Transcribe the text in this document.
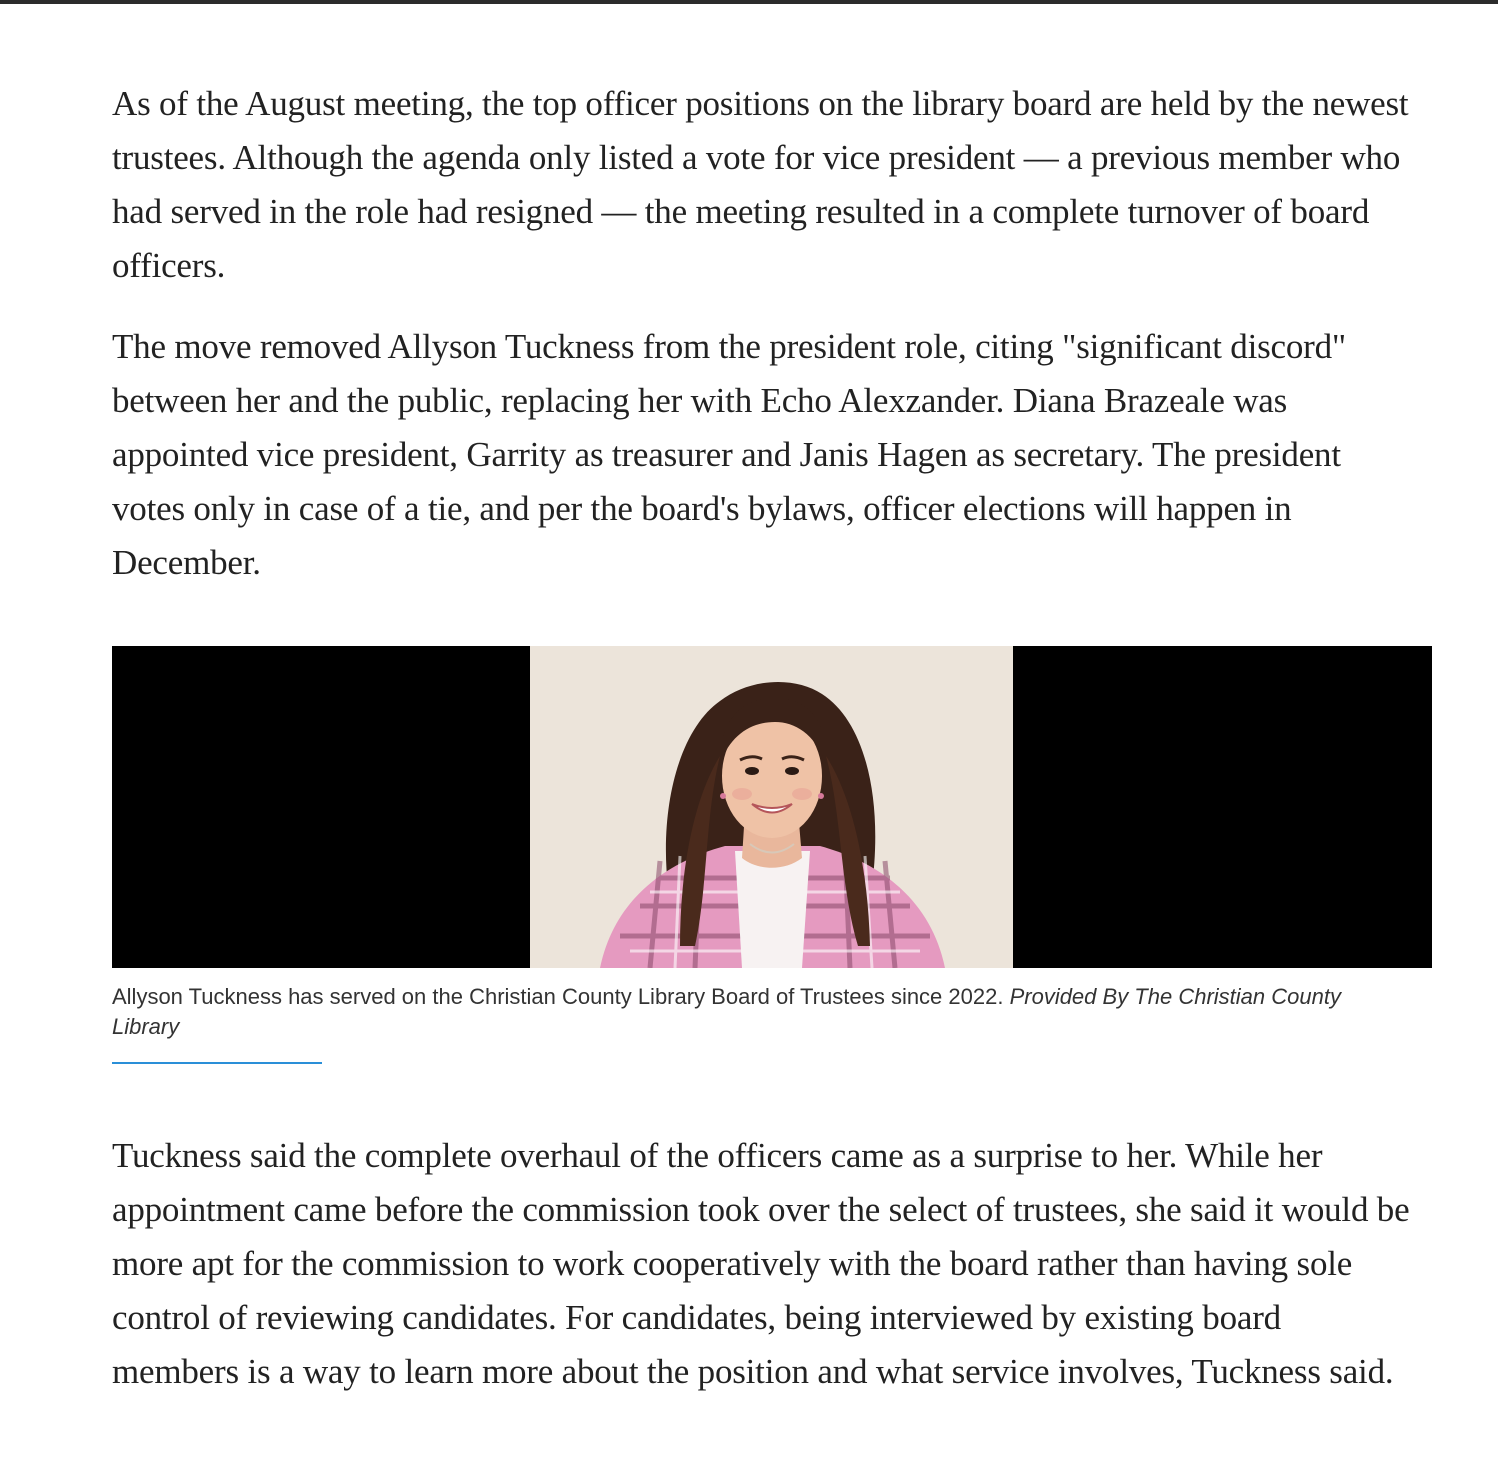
As of the August meeting, the top officer positions on the library board are held by the newest trustees. Although the agenda only listed a vote for vice president — a previous member who had served in the role had resigned — the meeting resulted in a complete turnover of board officers.

The move removed Allyson Tuckness from the president role, citing "significant discord" between her and the public, replacing her with Echo Alexzander. Diana Brazeale was appointed vice president, Garrity as treasurer and Janis Hagen as secretary. The president votes only in case of a tie, and per the board's bylaws, officer elections will happen in December.

Allyson Tuckness has served on the Christian County Library Board of Trustees since 2022. Provided By The Christian County Library

Tuckness said the complete overhaul of the officers came as a surprise to her. While her appointment came before the commission took over the select of trustees, she said it would be more apt for the commission to work cooperatively with the board rather than having sole control of reviewing candidates. For candidates, being interviewed by existing board members is a way to learn more about the position and what service involves, Tuckness said.
